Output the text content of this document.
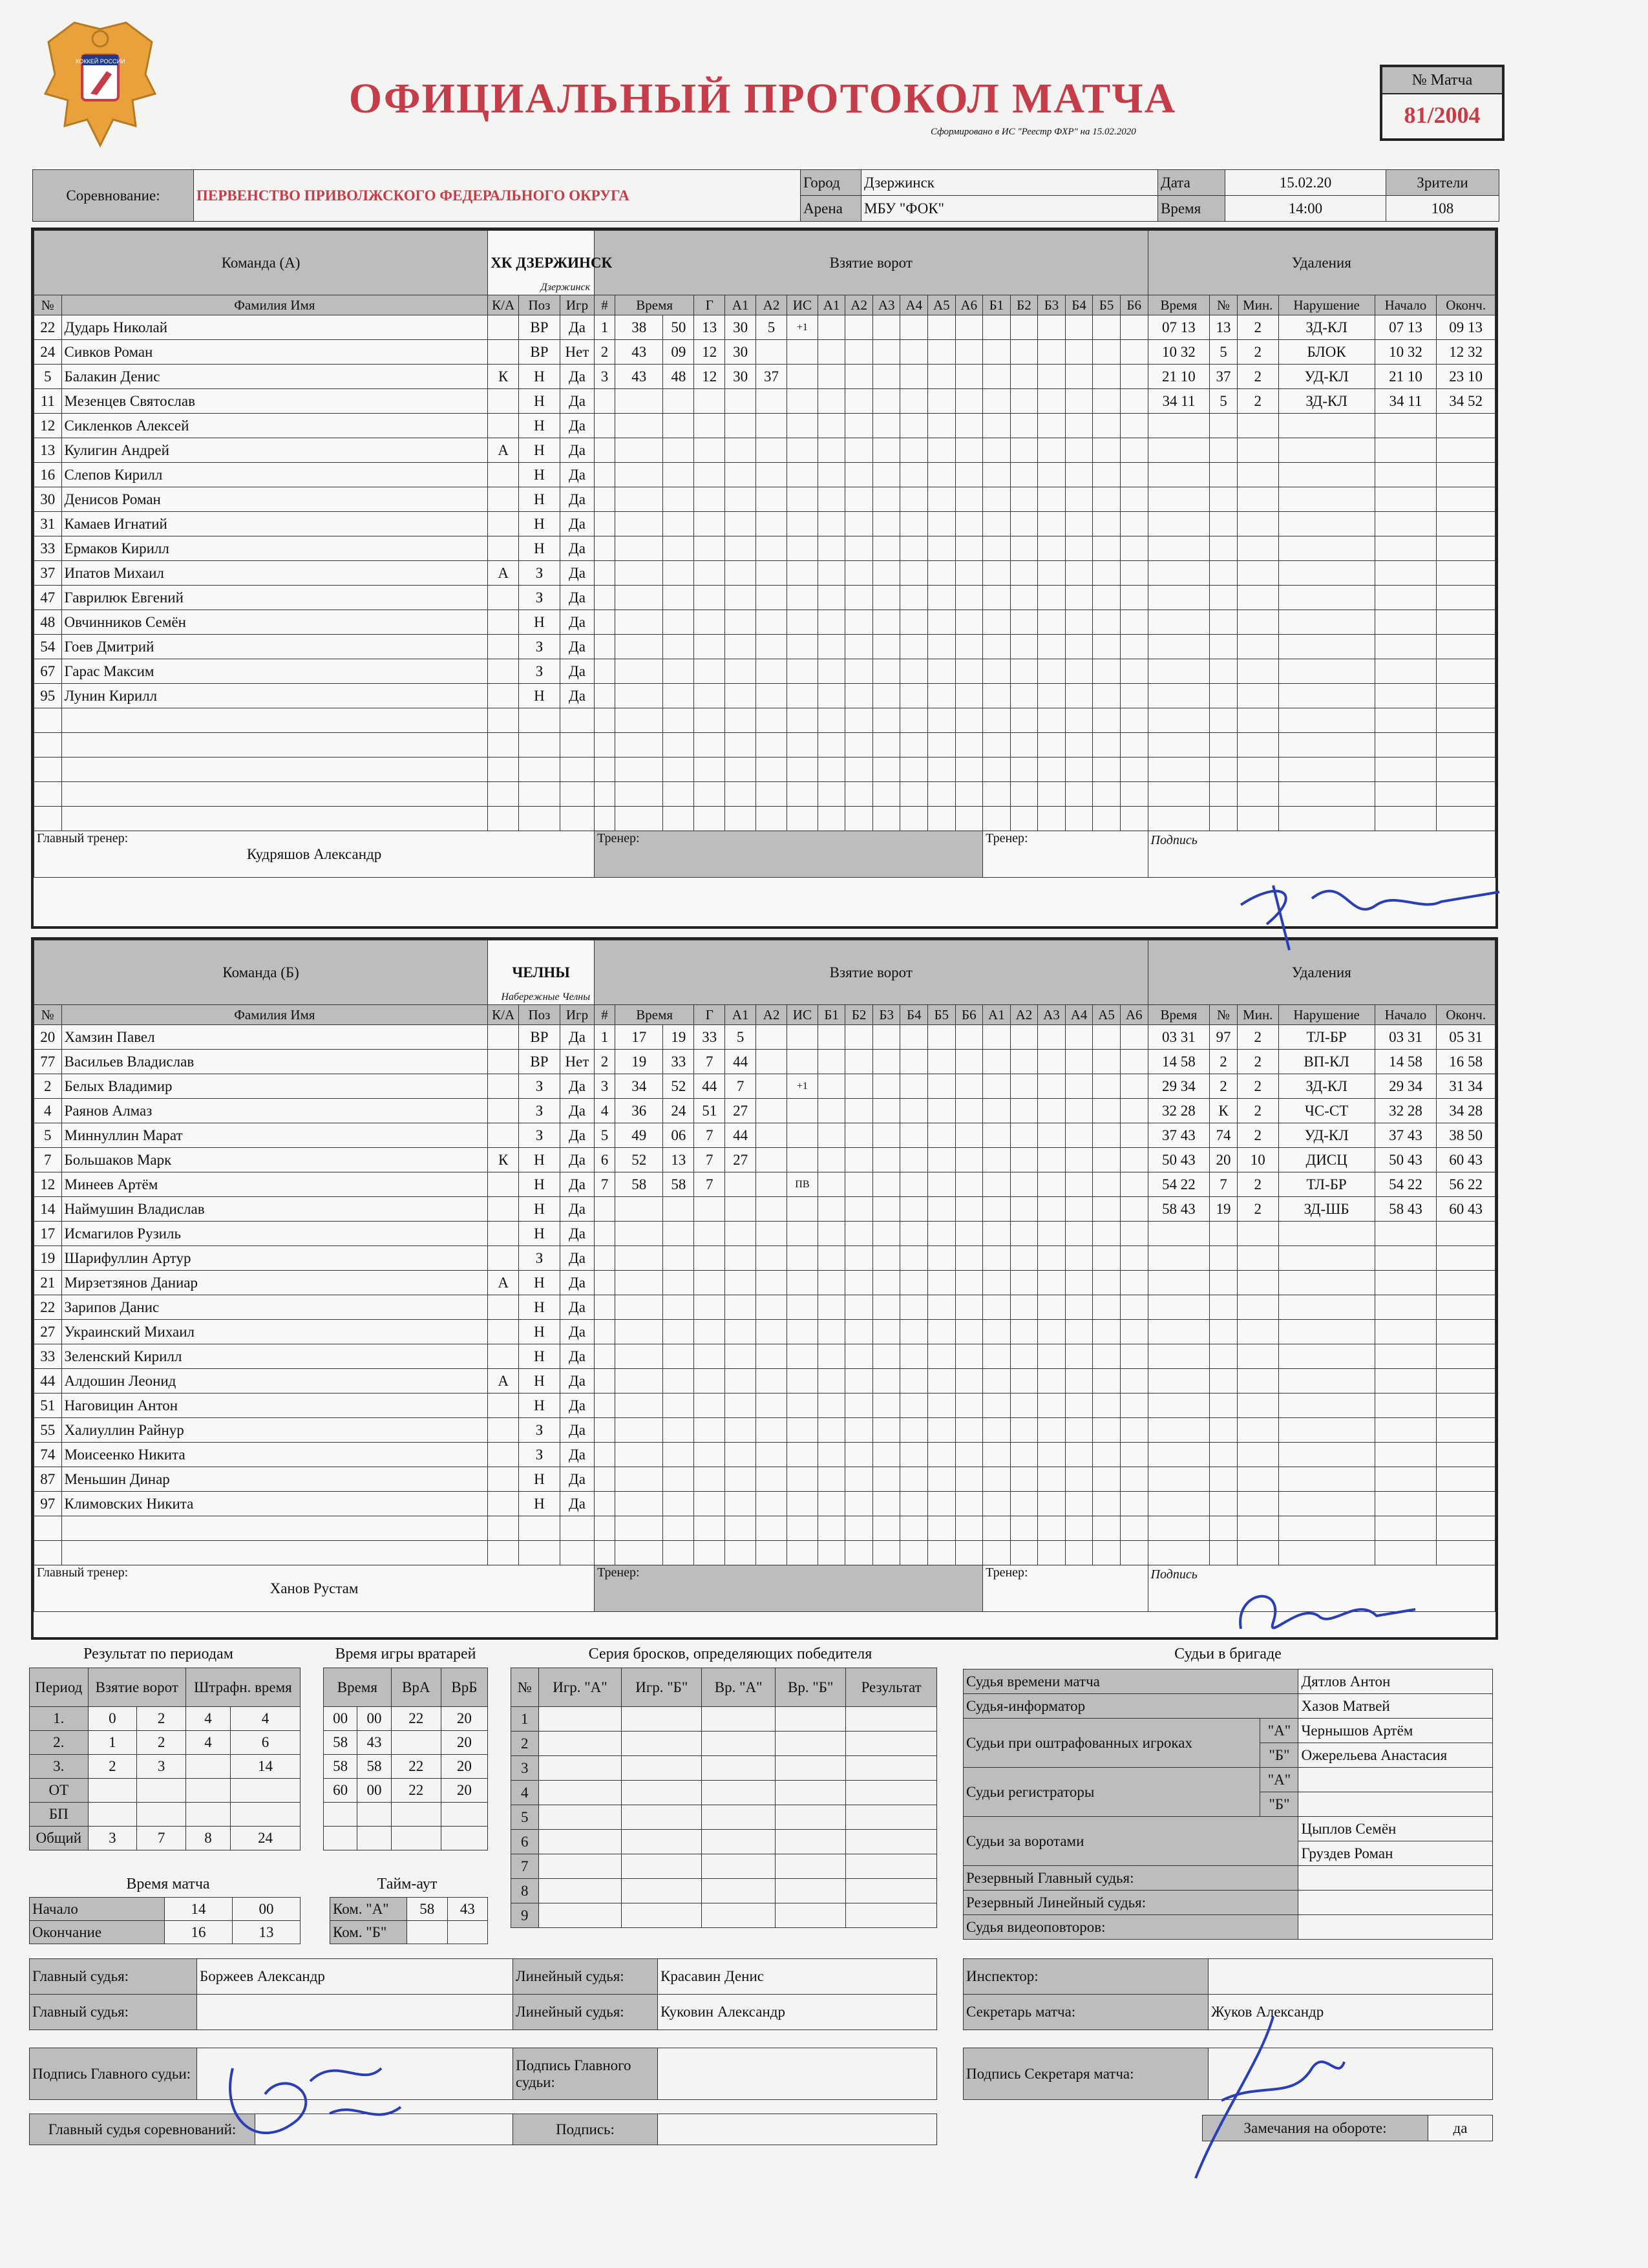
ХОККЕЙ РОССИИ
ОФИЦИАЛЬНЫЙ ПРОТОКОЛ МАТЧА
Сформировано в ИС "Реестр ФХР" на 15.02.2020
№ Матча
81/2004
Соревнование:	ПЕРВЕНСТВО ПРИВОЛЖСКОГО ФЕДЕРАЛЬНОГО ОКРУГА	Город	Дзержинск	Дата	15.02.20	Зрители
		Арена	МБУ "ФОК"	Время	14:00	108
Команда (А)		ХК ДЗЕРЖИНСК
Дзержинск			Взятие ворот																			Удаления					
№	Фамилия Имя	К/А	Поз	Игр	#	Время		Г	А1	А2	ИС	А1	А2	А3	А4	А5	А6	Б1	Б2	Б3	Б4	Б5	Б6	Время	№	Мин.	Нарушение	Начало	Оконч.
22	Дударь Николай		ВР	Да	1	38	50	13	30	5	+1													07 13	13	2	ЗД-КЛ	07 13	09 13
24	Сивков Роман		ВР	Нет	2	43	09	12	30															10 32	5	2	БЛОК	10 32	12 32
5	Балакин Денис	К	Н	Да	3	43	48	12	30	37														21 10	37	2	УД-КЛ	21 10	23 10
11	Мезенцев Святослав		Н	Да																				34 11	5	2	ЗД-КЛ	34 11	34 52
12	Сикленков Алексей		Н	Да																									
13	Кулигин Андрей	А	Н	Да																									
16	Слепов Кирилл		Н	Да																									
30	Денисов Роман		Н	Да																									
31	Камаев Игнатий		Н	Да																									
33	Ермаков Кирилл		Н	Да																									
37	Ипатов Михаил	А	З	Да																									
47	Гаврилюк Евгений		З	Да																									
48	Овчинников Семён		Н	Да																									
54	Гоев Дмитрий		З	Да																									
67	Гарас Максим		З	Да																									
95	Лунин Кирилл		Н	Да																									

Главный тренер:
Кудряшов Александр					Тренер:													Тренер:						Подпись					
Команда (Б)		ЧЕЛНЫ
Набережные Челны			Взятие ворот																			Удаления					
№	Фамилия Имя	К/А	Поз	Игр	#	Время		Г	А1	А2	ИС	Б1	Б2	Б3	Б4	Б5	Б6	А1	А2	А3	А4	А5	А6	Время	№	Мин.	Нарушение	Начало	Оконч.
20	Хамзин Павел		ВР	Да	1	17	19	33	5															03 31	97	2	ТЛ-БР	03 31	05 31
77	Васильев Владислав		ВР	Нет	2	19	33	7	44															14 58	2	2	ВП-КЛ	14 58	16 58
2	Белых Владимир		З	Да	3	34	52	44	7		+1													29 34	2	2	ЗД-КЛ	29 34	31 34
4	Раянов Алмаз		З	Да	4	36	24	51	27															32 28	К	2	ЧС-СТ	32 28	34 28
5	Миннуллин Марат		З	Да	5	49	06	7	44															37 43	74	2	УД-КЛ	37 43	38 50
7	Большаков Марк	К	Н	Да	6	52	13	7	27															50 43	20	10	ДИСЦ	50 43	60 43
12	Минеев Артём		Н	Да	7	58	58	7			ПВ													54 22	7	2	ТЛ-БР	54 22	56 22
14	Наймушин Владислав		Н	Да																				58 43	19	2	ЗД-ШБ	58 43	60 43
17	Исмагилов Рузиль		Н	Да																									
19	Шарифуллин Артур		З	Да																									
21	Мирзетзянов Даниар	А	Н	Да																									
22	Зарипов Данис		Н	Да																									
27	Украинский Михаил		Н	Да																									
33	Зеленский Кирилл		Н	Да																									
44	Алдошин Леонид	А	Н	Да																									
51	Наговицин Антон		Н	Да																									
55	Халиуллин Райнур		З	Да																									
74	Моисеенко Никита		З	Да																									
87	Меньшин Динар		Н	Да																									
97	Климовских Никита		Н	Да																									

Главный тренер:
Ханов Рустам					Тренер:													Тренер:						Подпись					
Результат по периодам
Период	Взятие ворот		Штрафн. время	
1.	0	2	4	4
2.	1	2	4	6
3.	2	3		14
ОТ				
БП				
Общий	3	7	8	24
Время игры вратарей
Время		ВрА	ВрБ
00	00	22	20
58	43		20
58	58	22	20
60	00	22	20

Серия бросков, определяющих победителя
№	Игр. "А"	Игр. "Б"	Вр. "А"	Вр. "Б"	Результат
1					
2					
3					
4					
5					
6					
7					
8					
9					
Время матча
Начало	14	00
Окончание	16	13
Тайм-аут
Ком. "А"	58	43
Ком. "Б"		
Судьи в бригаде
Судья времени матча		Дятлов Антон
Судья-информатор		Хазов Матвей
Судьи при оштрафованных игроках	"А"	Чернышов Артём
	"Б"	Ожерельева Анастасия
Судьи регистраторы	"А"	
	"Б"	
Судьи за воротами		Цыплов Семён
		Груздев Роман
Резервный Главный судья:		
Резервный Линейный судья:		
Судья видеоповторов:		
Главный судья:	Боржеев Александр	Линейный судья:	Красавин Денис
Главный судья:		Линейный судья:	Куковин Александр
Инспектор:	
Секретарь матча:	Жуков Александр
Подпись Главного судьи:		Подпись Главного судьи:	
Подпись Секретаря матча:	
Главный судья соревнований:		Подпись:		Замечания на обороте:	да
